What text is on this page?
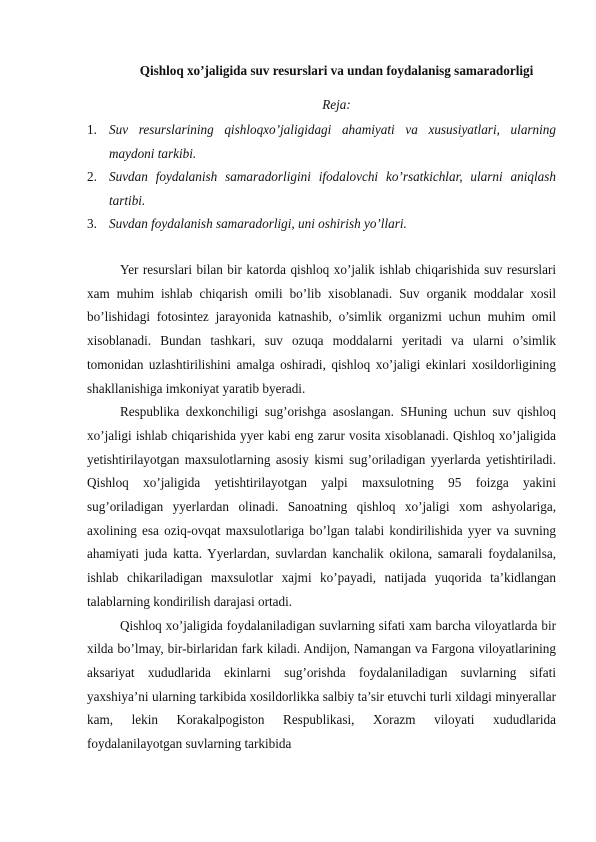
Qishloq xo’jaligida suv resurslari va undan foydalanisg samaradorligi
Reja:
1. Suv resurslarining qishloqxo’jaligidagi ahamiyati va xususiyatlari, ularning maydoni tarkibi.
2. Suvdan foydalanish samaradorligini ifodalovchi ko’rsatkichlar, ularni aniqlash tartibi.
3. Suvdan foydalanish samaradorligi, uni oshirish yo’llari.

Yer resurslari bilan bir katorda qishloq xo’jalik ishlab chiqarishida suv resurslari xam muhim ishlab chiqarish omili bo’lib xisoblanadi. Suv organik moddalar xosil bo’lishidagi fotosintez jarayonida katnashib, o’simlik organizmi uchun muhim omil xisoblanadi. Bundan tashkari, suv ozuqa moddalarni yeritadi va ularni o’simlik tomonidan uzlashtirilishini amalga oshiradi, qishloq xo’jaligi ekinlari xosildorligining shakllanishiga imkoniyat yaratib byeradi.

Respublika dexkonchiligi sug’orishga asoslangan. SHuning uchun suv qishloq xo’jaligi ishlab chiqarishida yyer kabi eng zarur vosita xisoblanadi. Qishloq xo’jaligida yetishtirilayotgan maxsulotlarning asosiy kismi sug’oriladigan yyerlarda yetishtiriladi. Qishloq xo’jaligida yetishtirilayotgan yalpi maxsulotning 95 foizga yakini sug’oriladigan yyerlardan olinadi. Sanoatning qishloq xo’jaligi xom ashyolariga, axolining esa oziq-ovqat maxsulotlariga bo’lgan talabi kondirilishida yyer va suvning ahamiyati juda katta. Yyerlardan, suvlardan kanchalik okilona, samarali foydalanilsa, ishlab chikariladigan maxsulotlar xajmi ko’payadi, natijada yuqorida ta’kidlangan talablarning kondirilish darajasi ortadi.

Qishloq xo’jaligida foydalaniladigan suvlarning sifati xam barcha viloyatlarda bir xilda bo’lmay, bir-birlaridan fark kiladi. Andijon, Namangan va Fargona viloyatlarining aksariyat xududlarida ekinlarni sug’orishda foydalaniladigan suvlarning sifati yaxshiya’ni ularning tarkibida xosildorlikka salbiy ta’sir etuvchi turli xildagi minyerallar kam, lekin Korakalpogiston Respublikasi, Xorazm viloyati xududlarida foydalanilayotgan suvlarning tarkibida
